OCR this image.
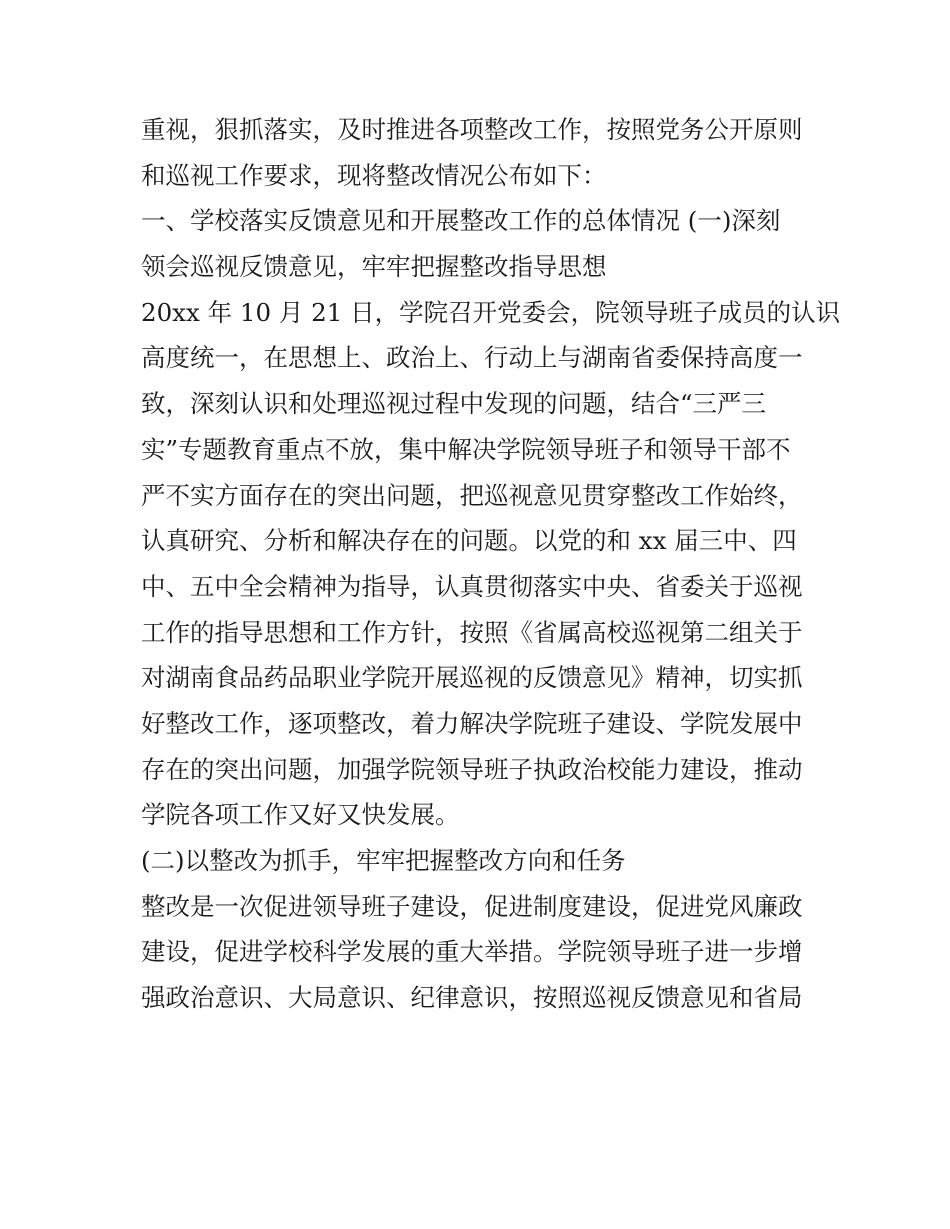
重视，狠抓落实，及时推进各项整改工作，按照党务公开原则
和巡视工作要求，现将整改情况公布如下：
一、学校落实反馈意见和开展整改工作的总体情况 (一)深刻
领会巡视反馈意见，牢牢把握整改指导思想
20xx 年 10 月 21 日，学院召开党委会，院领导班子成员的认识
高度统一，在思想上、政治上、行动上与湖南省委保持高度一
致，深刻认识和处理巡视过程中发现的问题，结合“三严三
实”专题教育重点不放，集中解决学院领导班子和领导干部不
严不实方面存在的突出问题，把巡视意见贯穿整改工作始终，
认真研究、分析和解决存在的问题。以党的和 xx 届三中、四
中、五中全会精神为指导，认真贯彻落实中央、省委关于巡视
工作的指导思想和工作方针，按照《省属高校巡视第二组关于
对湖南食品药品职业学院开展巡视的反馈意见》精神，切实抓
好整改工作，逐项整改，着力解决学院班子建设、学院发展中
存在的突出问题，加强学院领导班子执政治校能力建设，推动
学院各项工作又好又快发展。
(二)以整改为抓手，牢牢把握整改方向和任务
整改是一次促进领导班子建设，促进制度建设，促进党风廉政
建设，促进学校科学发展的重大举措。学院领导班子进一步增
强政治意识、大局意识、纪律意识，按照巡视反馈意见和省局
